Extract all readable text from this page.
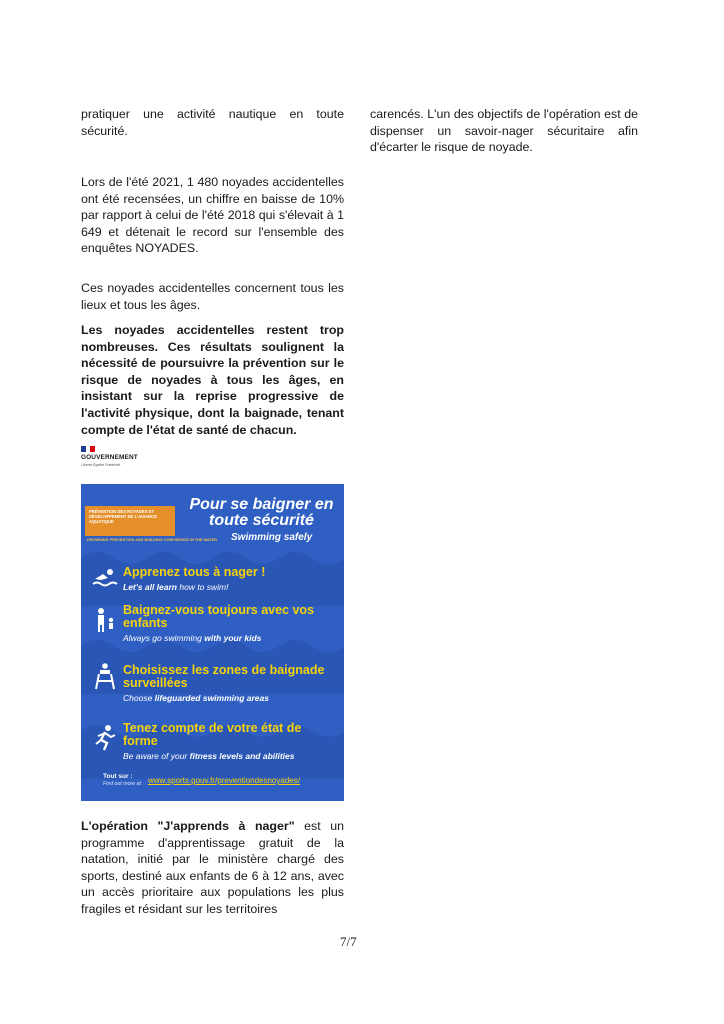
pratiquer une activité nautique en toute sécurité.

Lors de l'été 2021, 1 480 noyades accidentelles ont été recensées, un chiffre en baisse de 10% par rapport à celui de l'été 2018 qui s'élevait à 1 649 et détenait le record sur l'ensemble des enquêtes NOYADES.

Ces noyades accidentelles concernent tous les lieux et tous les âges.

Les noyades accidentelles restent trop nombreuses. Ces résultats soulignent la nécessité de poursuivre la prévention sur le risque de noyades à tous les âges, en insistant sur la reprise progressive de l'activité physique, dont la baignade, tenant compte de l'état de santé de chacun.

GOUVERNEMENT
Liberté Égalité Fraternité
PRÉVENTION DES NOYADES ET DÉVELOPPEMENT DE L'AISANCE AQUATIQUE
DROWNING PREVENTION AND BUILDING CONFIDENCE IN THE WATER
Pour se baigner en toute sécurité
Swimming safely
Apprenez tous à nager !
Let's all learn how to swim!
Baignez-vous toujours avec vos enfants
Always go swimming with your kids
Choisissez les zones de baignade surveillées
Choose lifeguarded swimming areas
Tenez compte de votre état de forme
Be aware of your fitness levels and abilities
Tout sur :
Find out more at: www.sports.gouv.fr/preventiondesnoyades/

L'opération "J'apprends à nager" est un programme d'apprentissage gratuit de la natation, initié par le ministère chargé des sports, destiné aux enfants de 6 à 12 ans, avec un accès prioritaire aux populations les plus fragiles et résidant sur les territoires

carencés. L'un des objectifs de l'opération est de dispenser un savoir-nager sécuritaire afin d'écarter le risque de noyade.

7/7
